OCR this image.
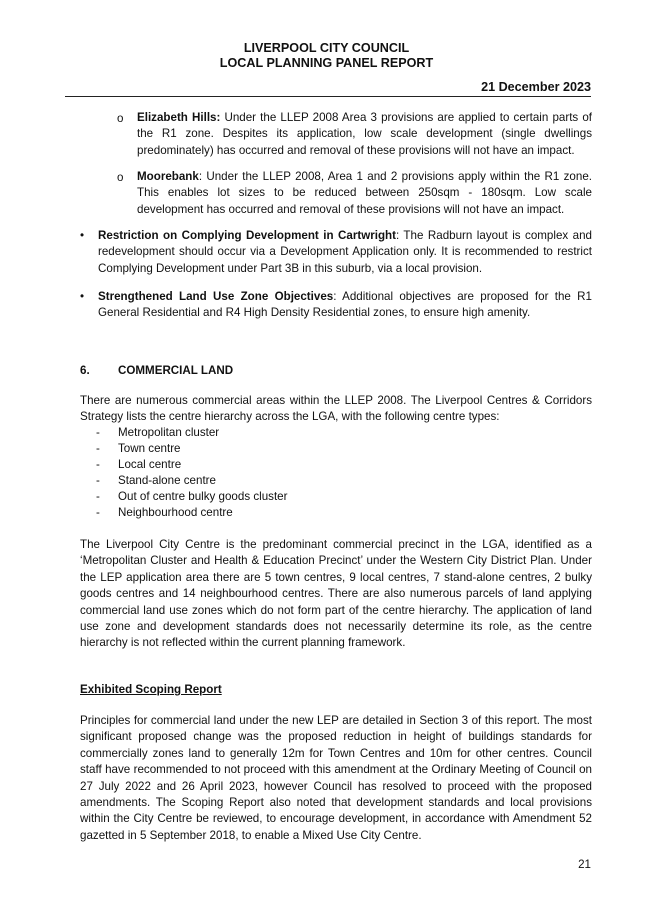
LIVERPOOL CITY COUNCIL
LOCAL PLANNING PANEL REPORT
21 December 2023
o Elizabeth Hills: Under the LLEP 2008 Area 3 provisions are applied to certain parts of the R1 zone. Despites its application, low scale development (single dwellings predominately) has occurred and removal of these provisions will not have an impact.

o Moorebank: Under the LLEP 2008, Area 1 and 2 provisions apply within the R1 zone. This enables lot sizes to be reduced between 250sqm - 180sqm. Low scale development has occurred and removal of these provisions will not have an impact.

• Restriction on Complying Development in Cartwright: The Radburn layout is complex and redevelopment should occur via a Development Application only. It is recommended to restrict Complying Development under Part 3B in this suburb, via a local provision.

• Strengthened Land Use Zone Objectives: Additional objectives are proposed for the R1 General Residential and R4 High Density Residential zones, to ensure high amenity.

6. COMMERCIAL LAND

There are numerous commercial areas within the LLEP 2008. The Liverpool Centres & Corridors Strategy lists the centre hierarchy across the LGA, with the following centre types:

- Metropolitan cluster
- Town centre
- Local centre
- Stand-alone centre
- Out of centre bulky goods cluster
- Neighbourhood centre

The Liverpool City Centre is the predominant commercial precinct in the LGA, identified as a ‘Metropolitan Cluster and Health & Education Precinct’ under the Western City District Plan. Under the LEP application area there are 5 town centres, 9 local centres, 7 stand-alone centres, 2 bulky goods centres and 14 neighbourhood centres. There are also numerous parcels of land applying commercial land use zones which do not form part of the centre hierarchy. The application of land use zone and development standards does not necessarily determine its role, as the centre hierarchy is not reflected within the current planning framework.

Exhibited Scoping Report

Principles for commercial land under the new LEP are detailed in Section 3 of this report. The most significant proposed change was the proposed reduction in height of buildings standards for commercially zones land to generally 12m for Town Centres and 10m for other centres. Council staff have recommended to not proceed with this amendment at the Ordinary Meeting of Council on 27 July 2022 and 26 April 2023, however Council has resolved to proceed with the proposed amendments. The Scoping Report also noted that development standards and local provisions within the City Centre be reviewed, to encourage development, in accordance with Amendment 52 gazetted in 5 September 2018, to enable a Mixed Use City Centre.

21
